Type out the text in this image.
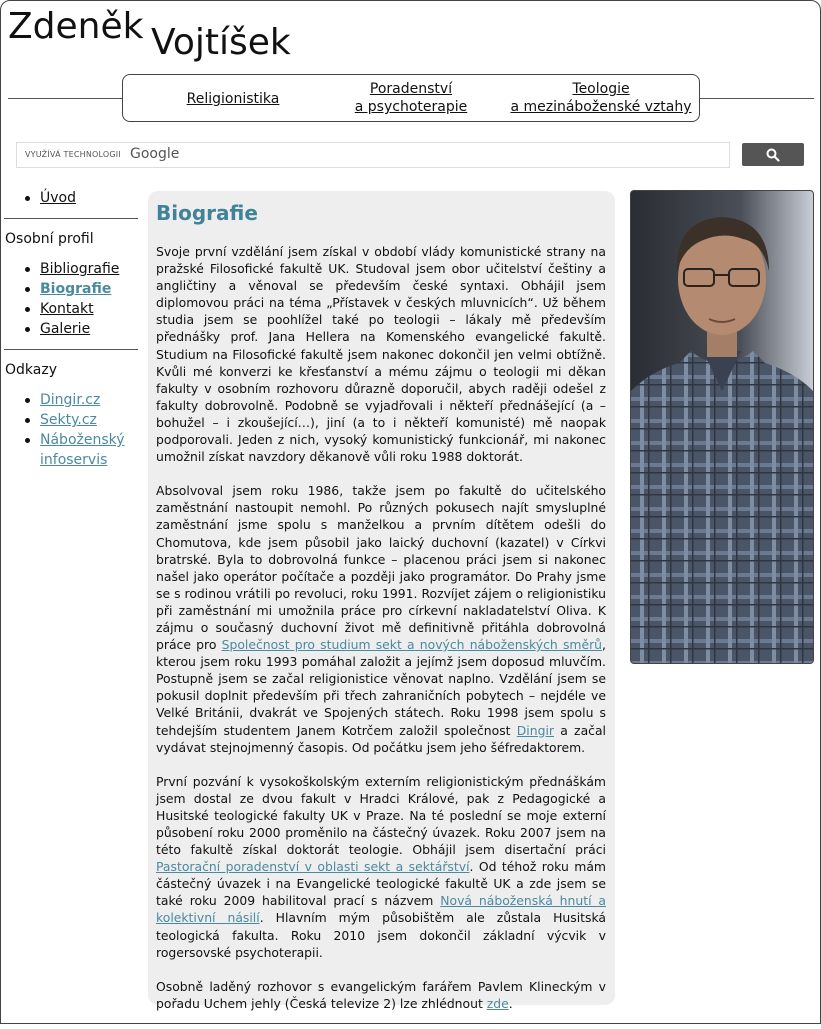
Zdeněk Vojtíšek
Religionistika
Poradenství
a psychoterapie
Teologie
a mezináboženské vztahy
VYUŽÍVÁ TECHNOLOGII Google
Úvod
Osobní profil
Bibliografie
Biografie
Kontakt
Galerie
Odkazy
Dingir.cz
Sekty.cz
Náboženský infoservis
Biografie

Svoje první vzdělání jsem získal v období vlády komunistické strany na pražské Filosofické fakultě UK. Studoval jsem obor učitelství češtiny a angličtiny a věnoval se především české syntaxi. Obhájil jsem diplomovou práci na téma „Přístavek v českých mluvnicích“. Už během studia jsem se poohlížel také po teologii – lákaly mě především přednášky prof. Jana Hellera na Komenského evangelické fakultě. Studium na Filosofické fakultě jsem nakonec dokončil jen velmi obtížně. Kvůli mé konverzi ke křesťanství a mému zájmu o teologii mi děkan fakulty v osobním rozhovoru důrazně doporučil, abych raději odešel z fakulty dobrovolně. Podobně se vyjadřovali i někteří přednášející (a – bohužel – i zkoušející…), jiní (a to i někteří komunisté) mě naopak podporovali. Jeden z nich, vysoký komunistický funkcionář, mi nakonec umožnil získat navzdory děkanově vůli roku 1988 doktorát.

Absolvoval jsem roku 1986, takže jsem po fakultě do učitelského zaměstnání nastoupit nemohl. Po různých pokusech najít smysluplné zaměstnání jsme spolu s manželkou a prvním dítětem odešli do Chomutova, kde jsem působil jako laický duchovní (kazatel) v Církvi bratrské. Byla to dobrovolná funkce – placenou práci jsem si nakonec našel jako operátor počítače a později jako programátor. Do Prahy jsme se s rodinou vrátili po revoluci, roku 1991. Rozvíjet zájem o religionistiku při zaměstnání mi umožnila práce pro církevní nakladatelství Oliva. K zájmu o současný duchovní život mě definitivně přitáhla dobrovolná práce pro Společnost pro studium sekt a nových náboženských směrů, kterou jsem roku 1993 pomáhal založit a jejímž jsem doposud mluvčím. Postupně jsem se začal religionistice věnovat naplno. Vzdělání jsem se pokusil doplnit především při třech zahraničních pobytech – nejdéle ve Velké Británii, dvakrát ve Spojených státech. Roku 1998 jsem spolu s tehdejším studentem Janem Kotrčem založil společnost Dingir a začal vydávat stejnojmenný časopis. Od počátku jsem jeho šéfredaktorem.

První pozvání k vysokoškolským externím religionistickým přednáškám jsem dostal ze dvou fakult v Hradci Králové, pak z Pedagogické a Husitské teologické fakulty UK v Praze. Na té poslední se moje externí působení roku 2000 proměnilo na částečný úvazek. Roku 2007 jsem na této fakultě získal doktorát teologie. Obhájil jsem disertační práci Pastorační poradenství v oblasti sekt a sektářství. Od téhož roku mám částečný úvazek i na Evangelické teologické fakultě UK a zde jsem se také roku 2009 habilitoval prací s názvem Nová náboženská hnutí a kolektivní násilí. Hlavním mým působištěm ale zůstala Husitská teologická fakulta. Roku 2010 jsem dokončil základní výcvik v rogersovské psychoterapii.

Osobně laděný rozhovor s evangelickým farářem Pavlem Klineckým v pořadu Uchem jehly (Česká televize 2) lze zhlédnout zde.
